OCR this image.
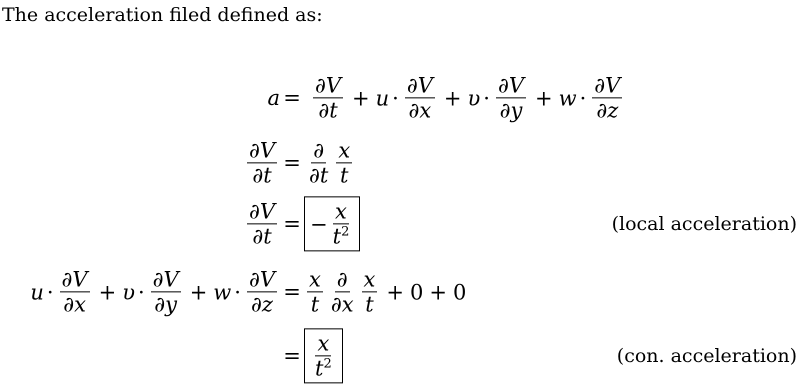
The acceleration filed defined as:
$a = \frac{\partial V}{\partial t} + u \cdot \frac{\partial V}{\partial x} + \upsilon \cdot \frac{\partial V}{\partial y} + w \cdot \frac{\partial V}{\partial z}$
$\frac{\partial V}{\partial t} = \frac{\partial}{\partial t} \frac{x}{t}$
$\frac{\partial V}{\partial t}$ = − $\frac{x}{t^2}$	(local acceleration)
$u \cdot \frac{\partial V}{\partial x} + \upsilon \cdot \frac{\partial V}{\partial y} + w \cdot \frac{\partial V}{\partial z} = \frac{x}{t} \frac{\partial}{\partial x} \frac{x}{t} + 0 + 0$
= $\frac{x}{t^2}$	(con. acceleration)
